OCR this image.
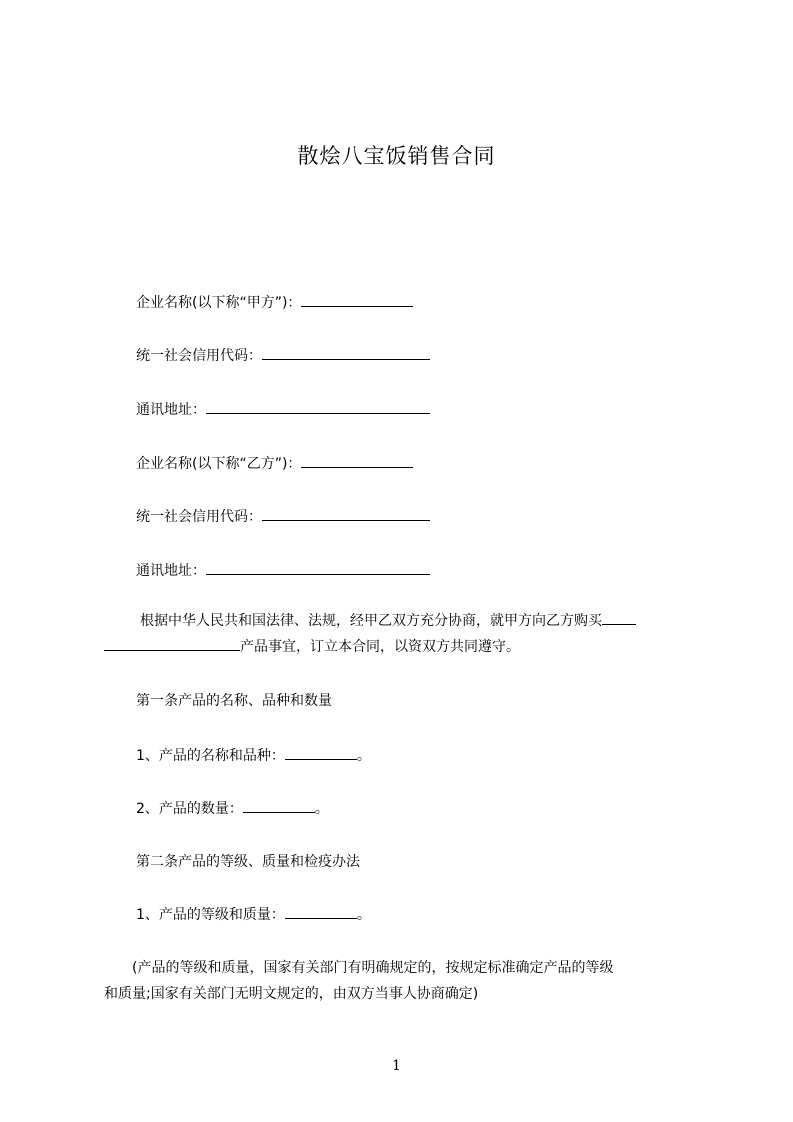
散烩八宝饭销售合同
企业名称(以下称“甲方”)：
统一社会信用代码：
通讯地址：
企业名称(以下称“乙方”)：
统一社会信用代码：
通讯地址：
根据中华人民共和国法律、法规，经甲乙双方充分协商，就甲方向乙方购买
产品事宜，订立本合同，以资双方共同遵守。
第一条产品的名称、品种和数量
1、产品的名称和品种：	。
2、产品的数量：	。
第二条产品的等级、质量和检疫办法
1、产品的等级和质量：	。
(产品的等级和质量，国家有关部门有明确规定的，按规定标准确定产品的等级
和质量;国家有关部门无明文规定的，由双方当事人协商确定)
1
